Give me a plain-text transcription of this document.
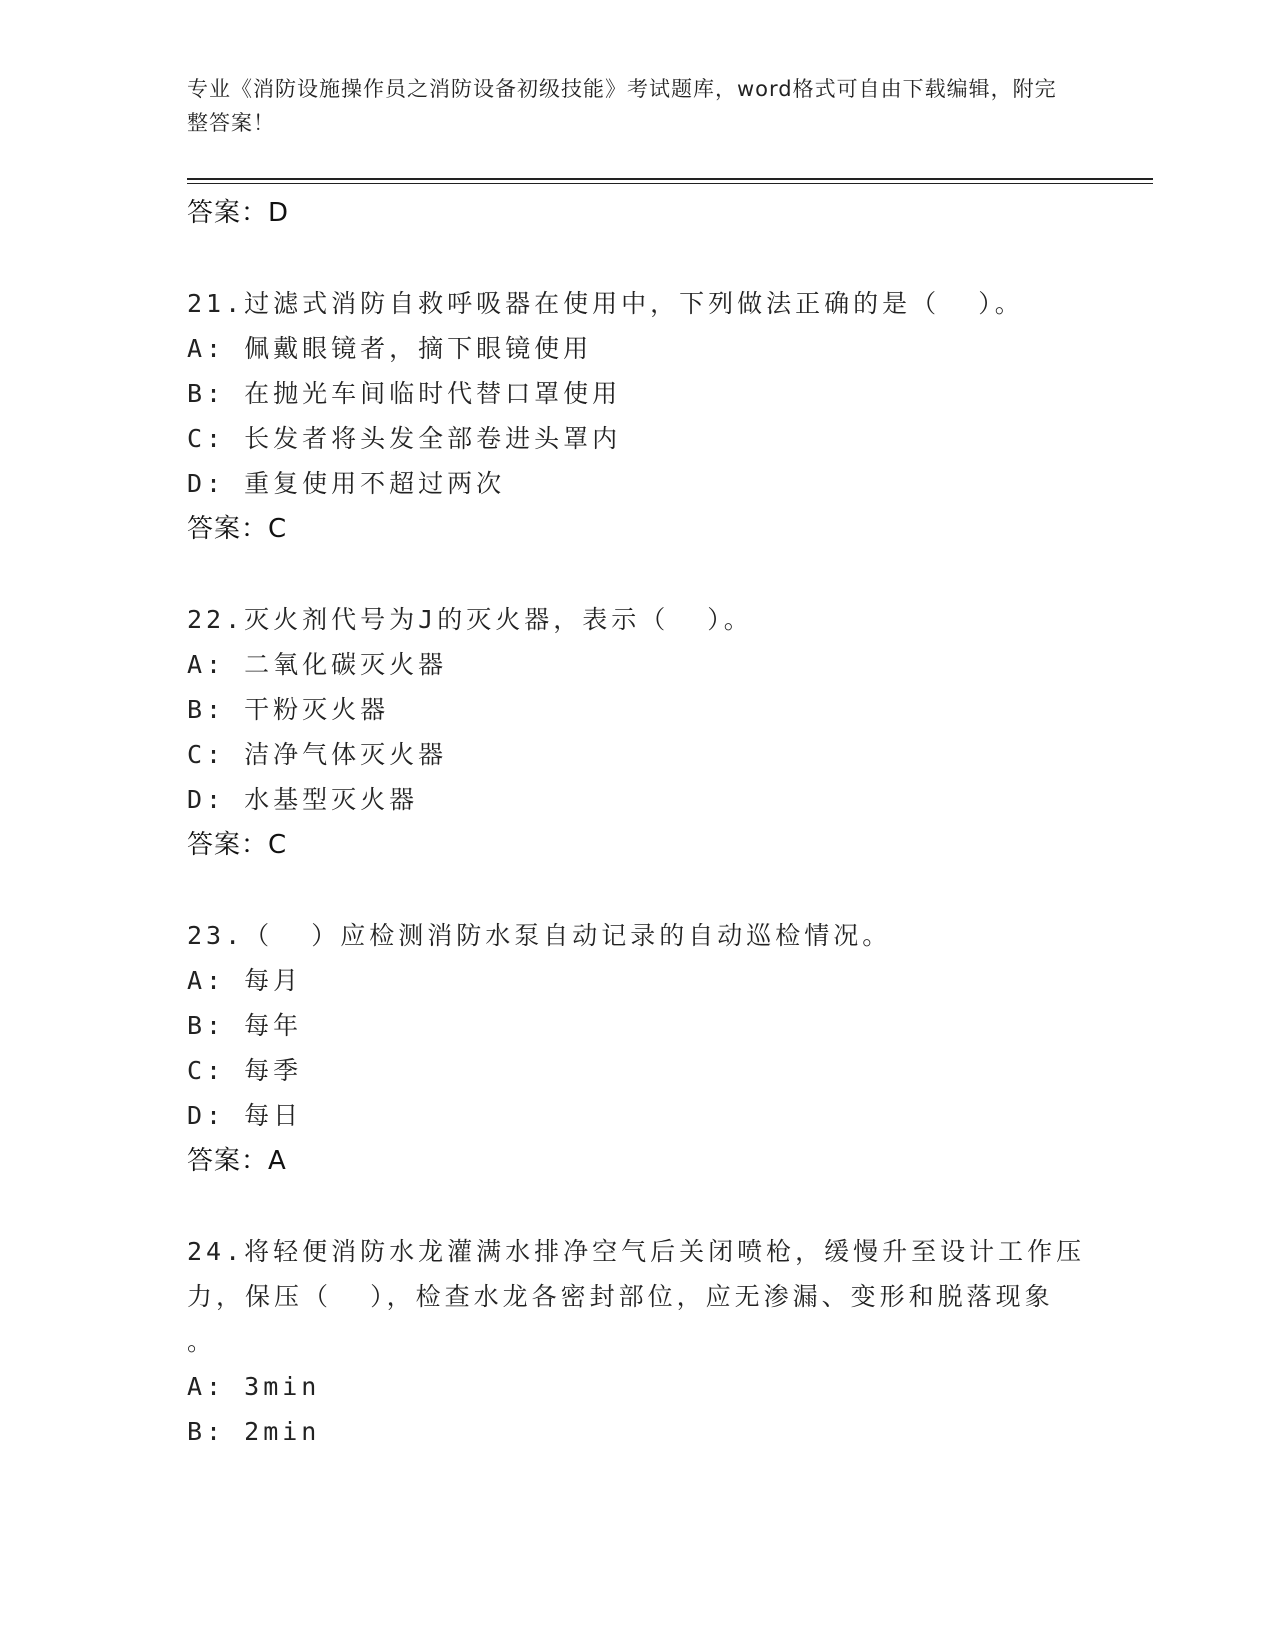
专业《消防设施操作员之消防设备初级技能》考试题库，word格式可自由下载编辑，附完整答案！
答案：D
21.过滤式消防自救呼吸器在使用中，下列做法正确的是（  ）。
A: 佩戴眼镜者，摘下眼镜使用
B: 在抛光车间临时代替口罩使用
C: 长发者将头发全部卷进头罩内
D: 重复使用不超过两次
答案：C
22.灭火剂代号为J的灭火器，表示（  ）。
A: 二氧化碳灭火器
B: 干粉灭火器
C: 洁净气体灭火器
D: 水基型灭火器
答案：C
23.（  ）应检测消防水泵自动记录的自动巡检情况。
A: 每月
B: 每年
C: 每季
D: 每日
答案：A
24.将轻便消防水龙灌满水排净空气后关闭喷枪，缓慢升至设计工作压
力，保压（  ），检查水龙各密封部位，应无渗漏、变形和脱落现象
。
A: 3min
B: 2min
